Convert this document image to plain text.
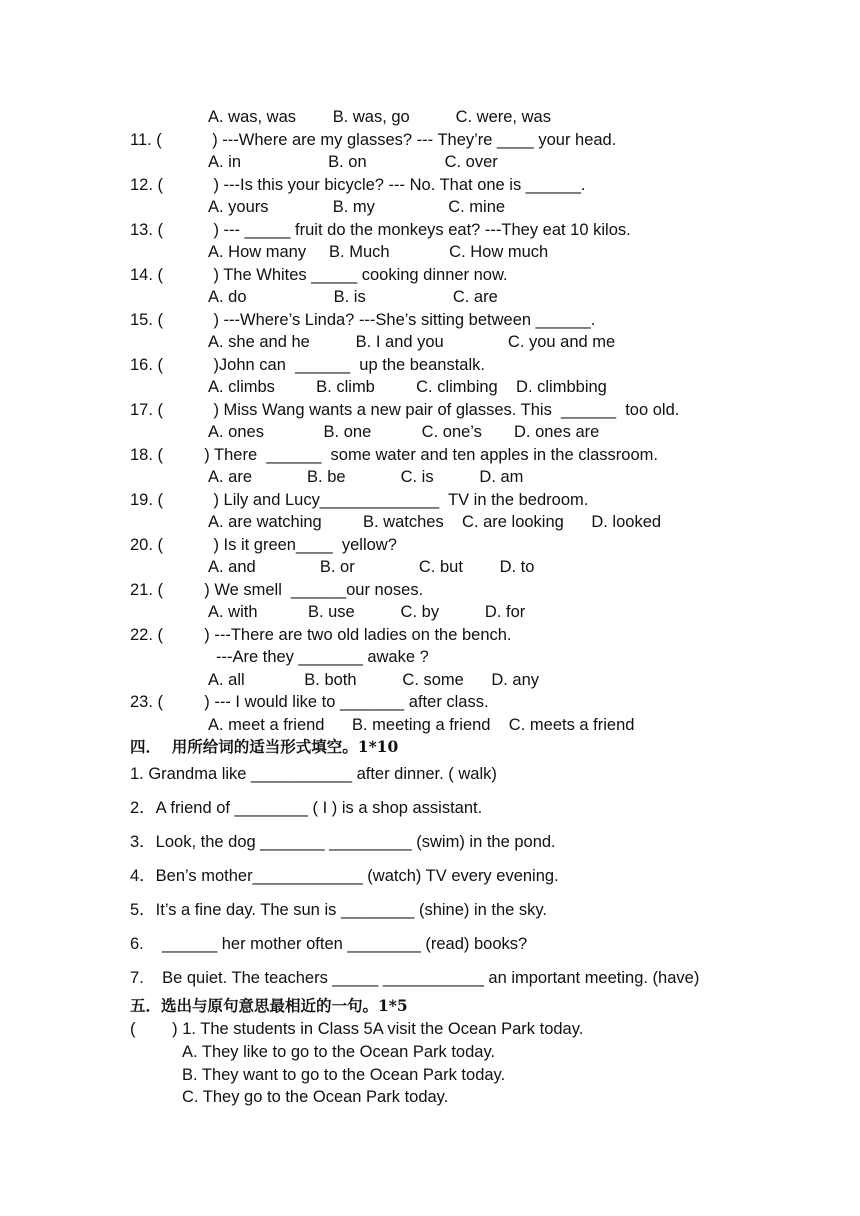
A. was, was        B. was, go          C. were, was
11. (           ) ---Where are my glasses? --- They’re ____ your head.
A. in                   B. on                 C. over
12. (           ) ---Is this your bicycle? --- No. That one is ______.
A. yours              B. my                C. mine
13. (           ) --- _____ fruit do the monkeys eat? ---They eat 10 kilos.
A. How many     B. Much             C. How much
14. (           ) The Whites _____ cooking dinner now.
A. do                   B. is                   C. are
15. (           ) ---Where’s Linda? ---She’s sitting between ______.
A. she and he          B. I and you              C. you and me
16. (           )John can  ______  up the beanstalk.
A. climbs         B. climb         C. climbing    D. climbbing
17. (           ) Miss Wang wants a new pair of glasses. This  ______  too old.
A. ones             B. one           C. one’s       D. ones are
18. (         ) There  ______  some water and ten apples in the classroom.
A. are            B. be            C. is          D. am
19. (           ) Lily and Lucy_____________  TV in the bedroom.
A. are watching         B. watches    C. are looking      D. looked
20. (           ) Is it green____  yellow?
A. and              B. or              C. but        D. to
21. (         ) We smell  ______our noses.
A. with           B. use          C. by          D. for
22. (         ) ---There are two old ladies on the bench.
---Are they _______ awake ?
A. all             B. both          C. some      D. any
23. (         ) --- I would like to _______ after class.
A. meet a friend      B. meeting a friend    C. meets a friend
四．  用所给词的适当形式填空。1*10
1. Grandma like ___________ after dinner. ( walk)
2．A friend of ________ ( I ) is a shop assistant.
3．Look, the dog _______ _________ (swim) in the pond.
4．Ben’s mother____________ (watch) TV every evening.
5．It’s a fine day. The sun is ________ (shine) in the sky.
6.    ______ her mother often ________ (read) books?
7.    Be quiet. The teachers _____ ___________ an important meeting. (have)
五．选出与原句意思最相近的一句。1*5
(        ) 1. The students in Class 5A visit the Ocean Park today.
A. They like to go to the Ocean Park today.
B. They want to go to the Ocean Park today.
C. They go to the Ocean Park today.
